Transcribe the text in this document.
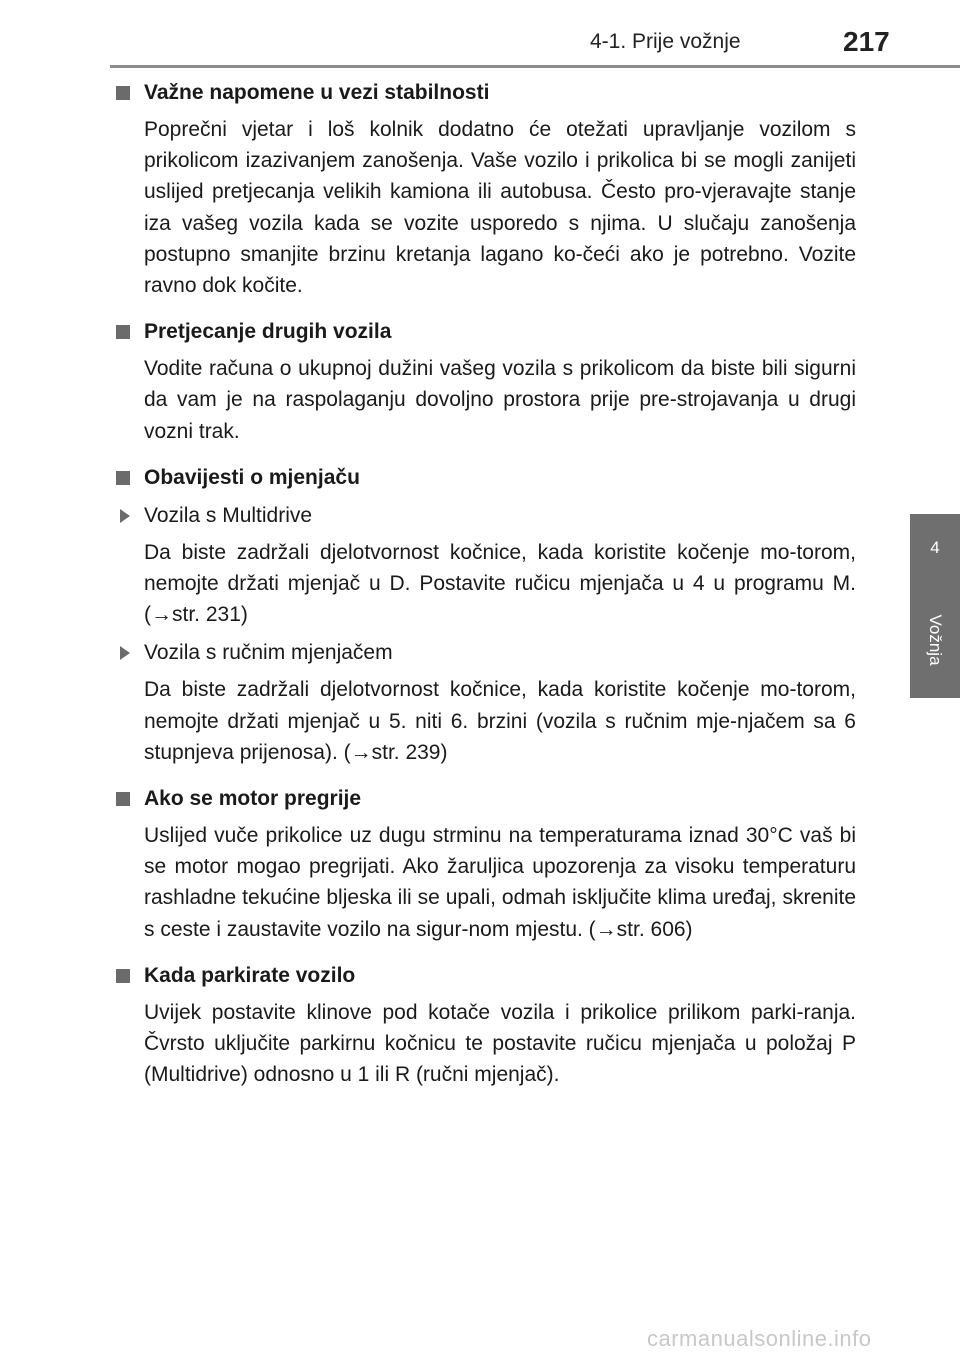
4-1. Prije vožnje	217
4
Vožnja
Važne napomene u vezi stabilnosti

Poprečni vjetar i loš kolnik dodatno će otežati upravljanje vozilom s prikolicom izazivanjem zanošenja. Vaše vozilo i prikolica bi se mogli zanijeti uslijed pretjecanja velikih kamiona ili autobusa. Često pro-vjeravajte stanje iza vašeg vozila kada se vozite usporedo s njima. U slučaju zanošenja postupno smanjite brzinu kretanja lagano ko-čeći ako je potrebno. Vozite ravno dok kočite.

Pretjecanje drugih vozila

Vodite računa o ukupnoj dužini vašeg vozila s prikolicom da biste bili sigurni da vam je na raspolaganju dovoljno prostora prije pre-strojavanja u drugi vozni trak.

Obavijesti o mjenjaču
Vozila s Multidrive

Da biste zadržali djelotvornost kočnice, kada koristite kočenje mo-torom, nemojte držati mjenjač u D. Postavite ručicu mjenjača u 4 u programu M. (→str. 231)

Vozila s ručnim mjenjačem

Da biste zadržali djelotvornost kočnice, kada koristite kočenje mo-torom, nemojte držati mjenjač u 5. niti 6. brzini (vozila s ručnim mje-njačem sa 6 stupnjeva prijenosa). (→str. 239)

Ako se motor pregrije

Uslijed vuče prikolice uz dugu strminu na temperaturama iznad 30°C vaš bi se motor mogao pregrijati. Ako žaruljica upozorenja za visoku temperaturu rashladne tekućine bljeska ili se upali, odmah isključite klima uređaj, skrenite s ceste i zaustavite vozilo na sigur-nom mjestu. (→str. 606)

Kada parkirate vozilo

Uvijek postavite klinove pod kotače vozila i prikolice prilikom parki-ranja. Čvrsto uključite parkirnu kočnicu te postavite ručicu mjenjača u položaj P (Multidrive) odnosno u 1 ili R (ručni mjenjač).

carmanualsonline.info
